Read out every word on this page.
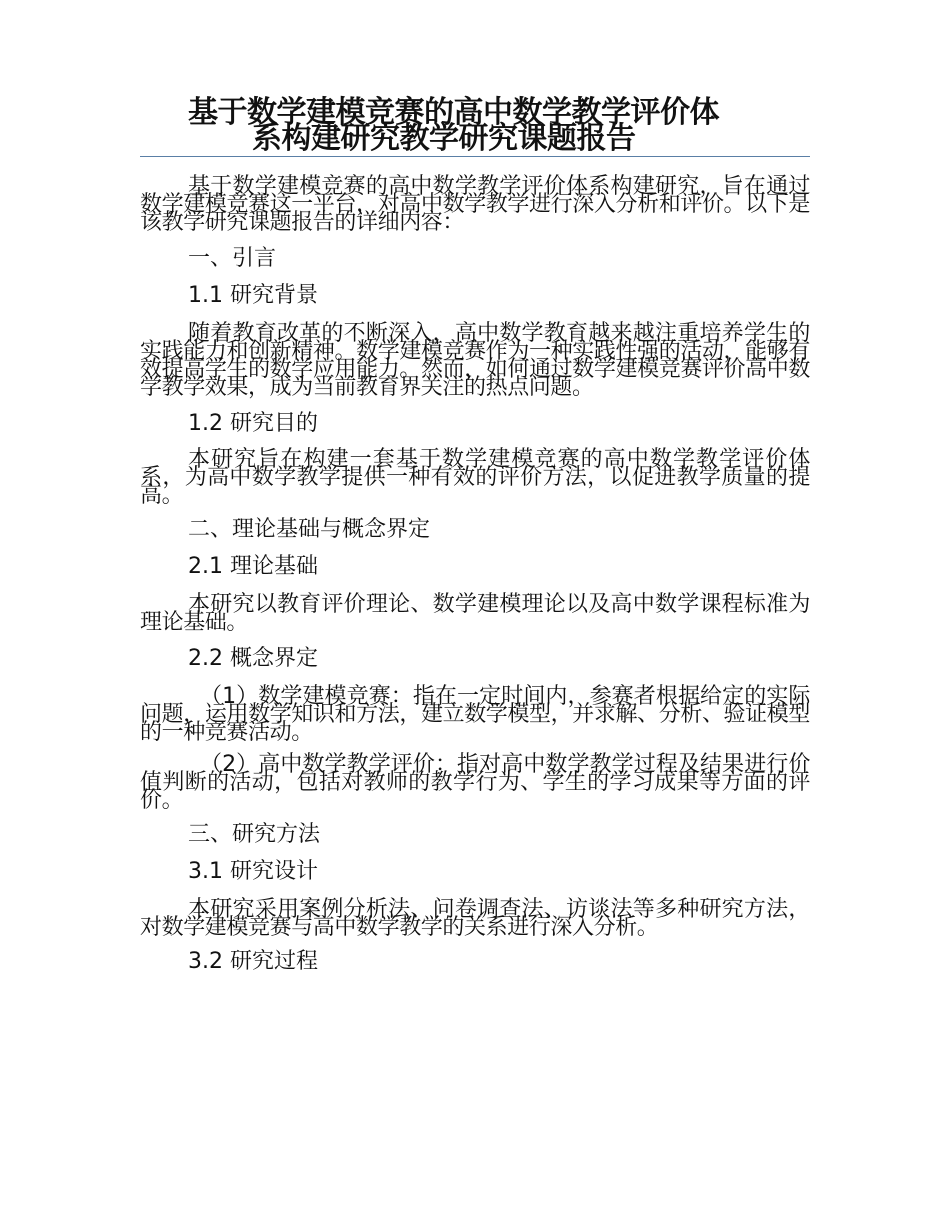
基于数学建模竞赛的高中数学教学评价体
系构建研究教学研究课题报告

基于数学建模竞赛的高中数学教学评价体系构建研究，旨在通过数学建模竞赛这一平台，对高中数学教学进行深入分析和评价。以下是该教学研究课题报告的详细内容：

一、引言

1.1 研究背景

随着教育改革的不断深入，高中数学教育越来越注重培养学生的实践能力和创新精神。数学建模竞赛作为一种实践性强的活动，能够有效提高学生的数学应用能力。然而，如何通过数学建模竞赛评价高中数学教学效果，成为当前教育界关注的热点问题。

1.2 研究目的

本研究旨在构建一套基于数学建模竞赛的高中数学教学评价体系，为高中数学教学提供一种有效的评价方法，以促进教学质量的提高。

二、理论基础与概念界定

2.1 理论基础

本研究以教育评价理论、数学建模理论以及高中数学课程标准为理论基础。

2.2 概念界定

（1）数学建模竞赛：指在一定时间内，参赛者根据给定的实际问题，运用数学知识和方法，建立数学模型，并求解、分析、验证模型的一种竞赛活动。

（2）高中数学教学评价：指对高中数学教学过程及结果进行价值判断的活动，包括对教师的教学行为、学生的学习成果等方面的评价。

三、研究方法

3.1 研究设计

本研究采用案例分析法、问卷调查法、访谈法等多种研究方法，对数学建模竞赛与高中数学教学的关系进行深入分析。

3.2 研究过程
